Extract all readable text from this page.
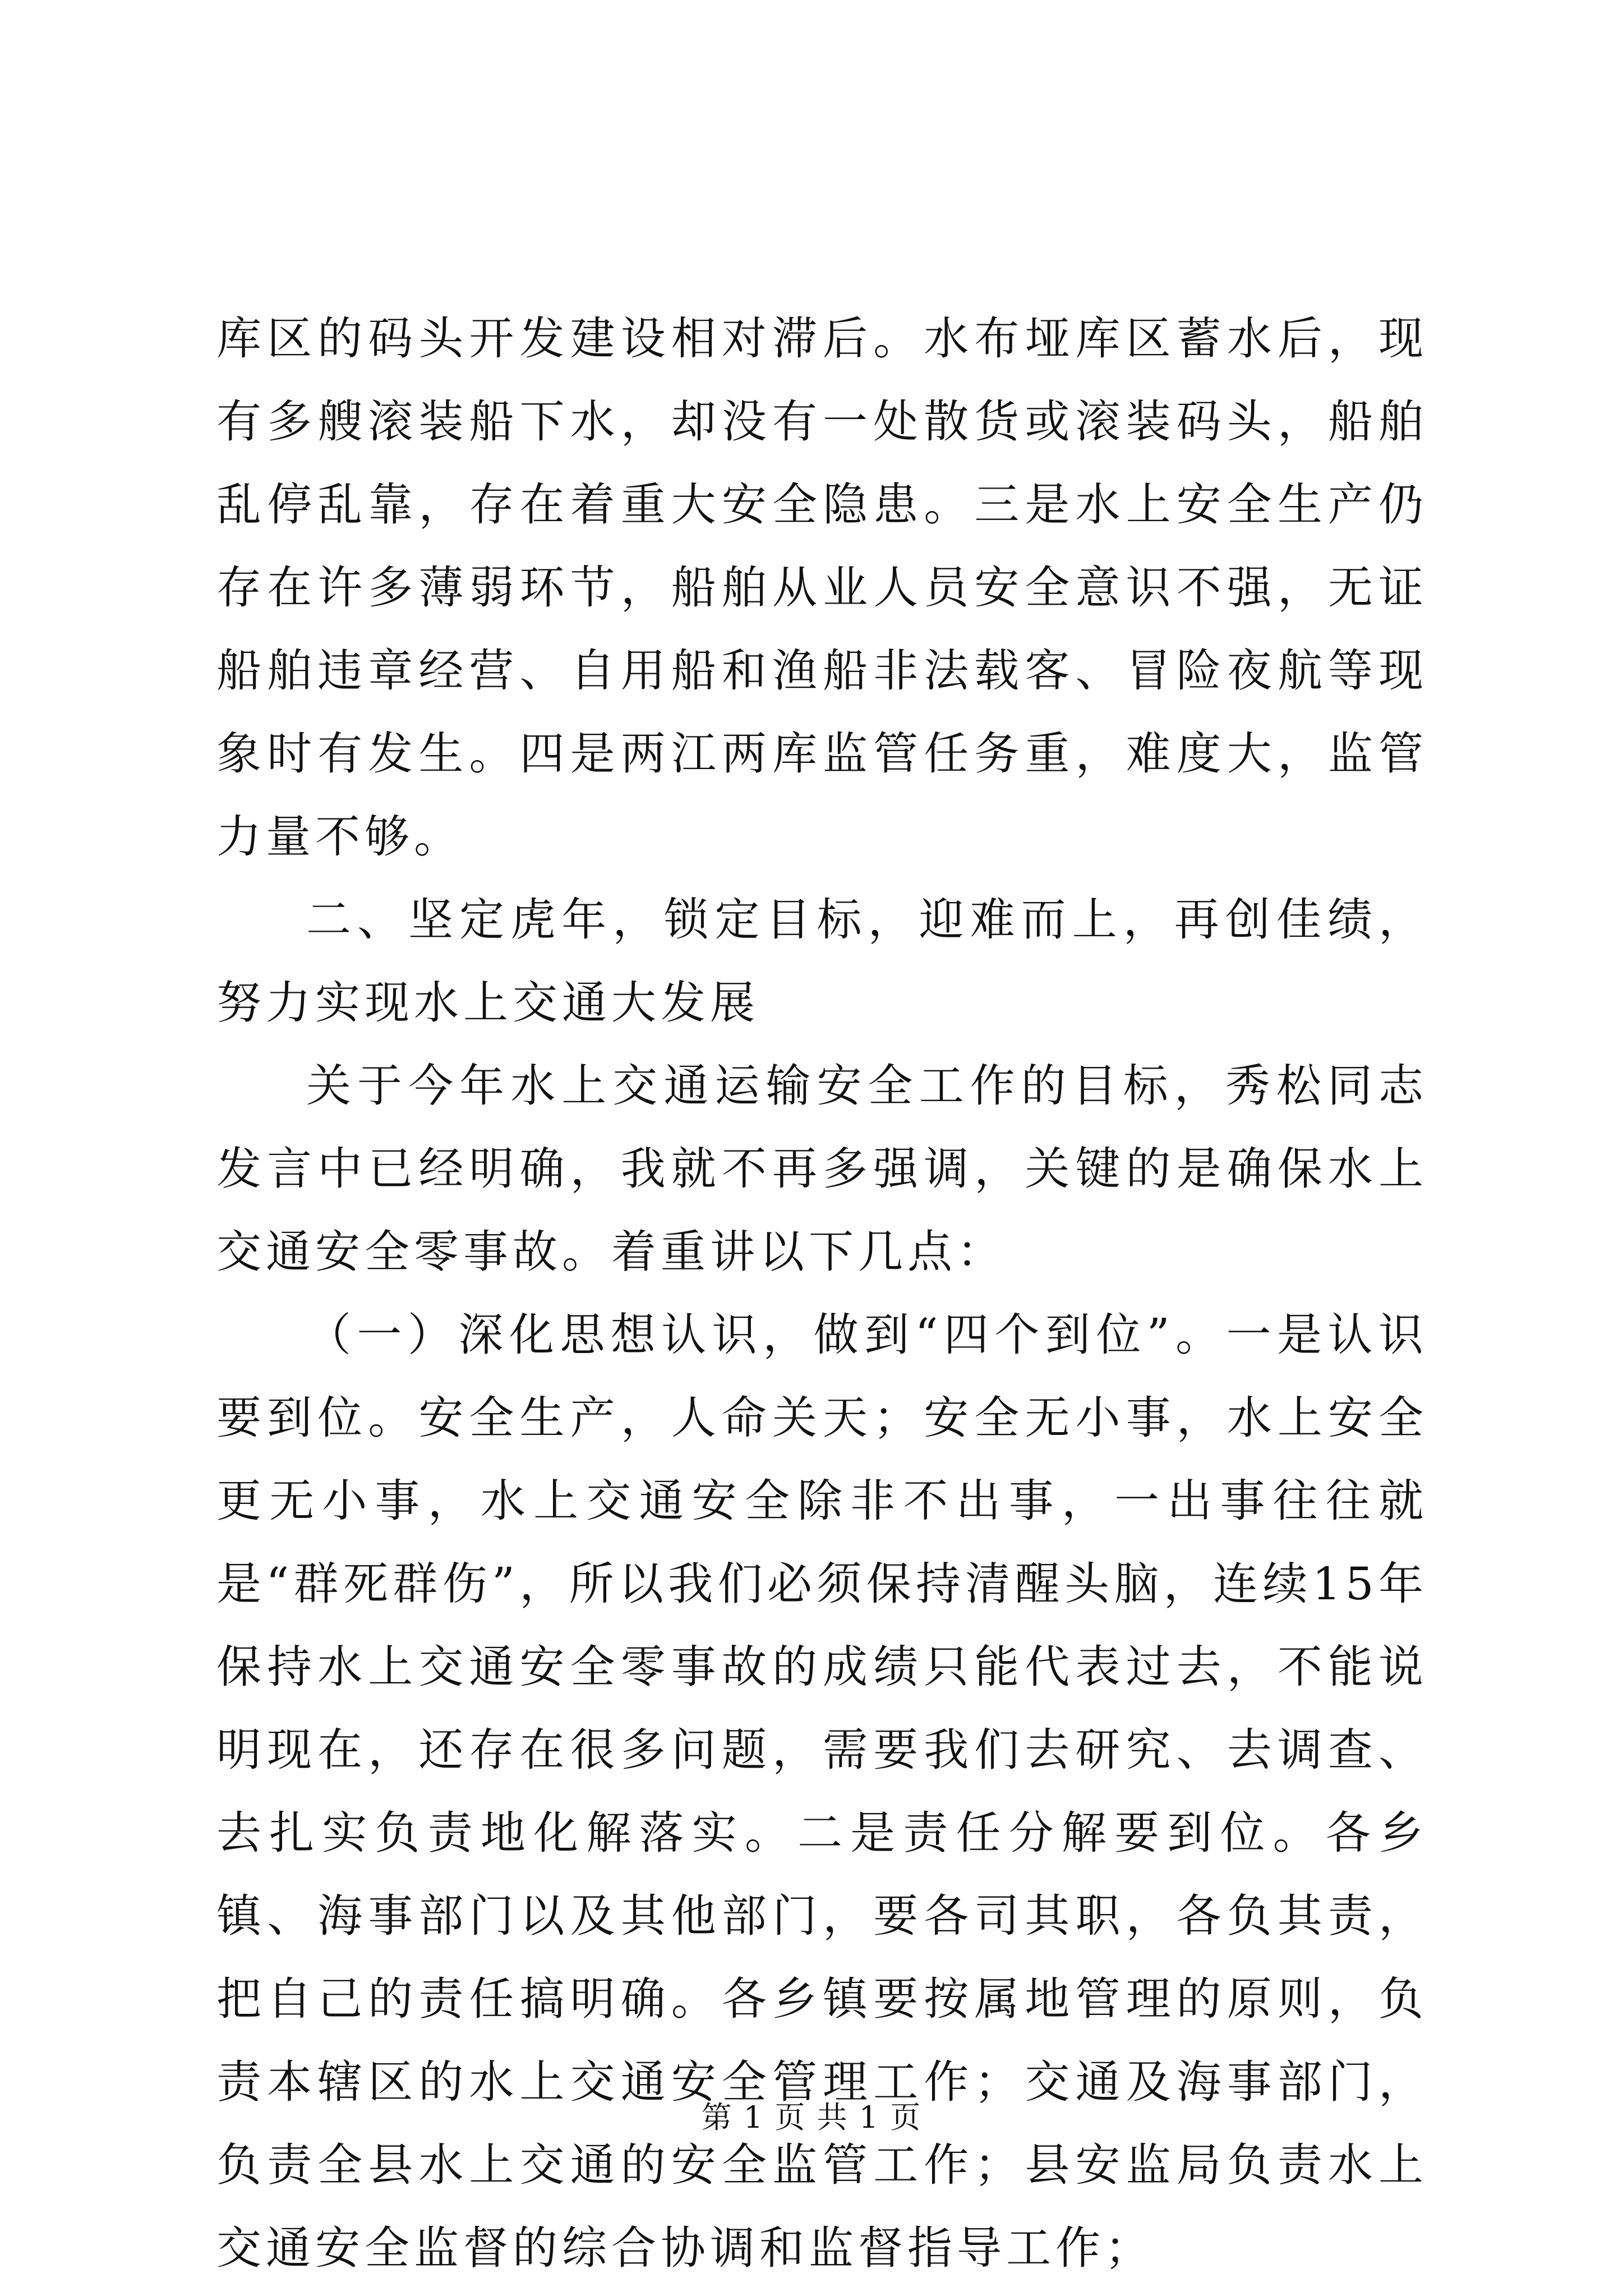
库区的码头开发建设相对滞后。水布垭库区蓄水后，现有多艘滚装船下水，却没有一处散货或滚装码头，船舶乱停乱靠，存在着重大安全隐患。三是水上安全生产仍存在许多薄弱环节，船舶从业人员安全意识不强，无证船舶违章经营、自用船和渔船非法载客、冒险夜航等现象时有发生。四是两江两库监管任务重，难度大，监管力量不够。

二、坚定虎年，锁定目标，迎难而上，再创佳绩，努力实现水上交通大发展

关于今年水上交通运输安全工作的目标，秀松同志发言中已经明确，我就不再多强调，关键的是确保水上交通安全零事故。着重讲以下几点：

（一）深化思想认识，做到“四个到位”。一是认识要到位。安全生产，人命关天；安全无小事，水上安全更无小事，水上交通安全除非不出事，一出事往往就是“群死群伤”，所以我们必须保持清醒头脑，连续15年保持水上交通安全零事故的成绩只能代表过去，不能说明现在，还存在很多问题，需要我们去研究、去调查、去扎实负责地化解落实。二是责任分解要到位。各乡镇、海事部门以及其他部门，要各司其职，各负其责，把自己的责任搞明确。各乡镇要按属地管理的原则，负责本辖区的水上交通安全管理工作；交通及海事部门，负责全县水上交通的安全监管工作；县安监局负责水上交通安全监督的综合协调和监督指导工作；

第 1 页 共 1 页
